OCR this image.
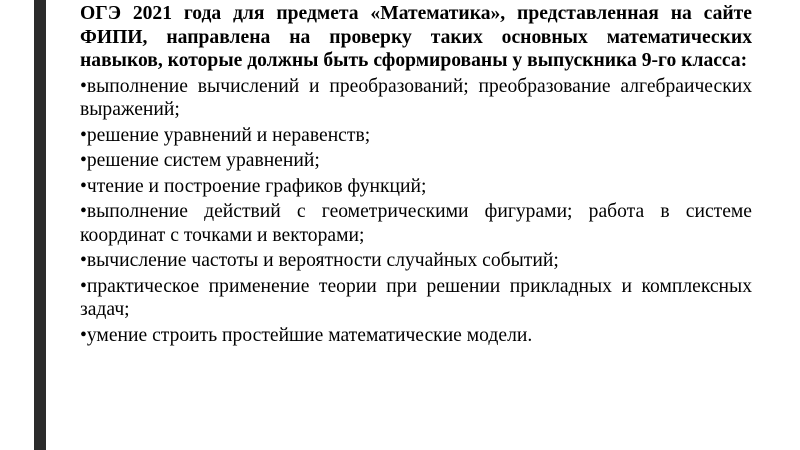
ОГЭ 2021 года для предмета «Математика», представленная на сайте ФИПИ, направлена на проверку таких основных математических навыков, которые должны быть сформированы у выпускника 9-го класса:

• выполнение вычислений и преобразований; преобразование алгебраических выражений;
• решение уравнений и неравенств;
• решение систем уравнений;
• чтение и построение графиков функций;
• выполнение действий с геометрическими фигурами; работа в системе координат с точками и векторами;
• вычисление частоты и вероятности случайных событий;
• практическое применение теории при решении прикладных и комплексных задач;
• умение строить простейшие математические модели.
